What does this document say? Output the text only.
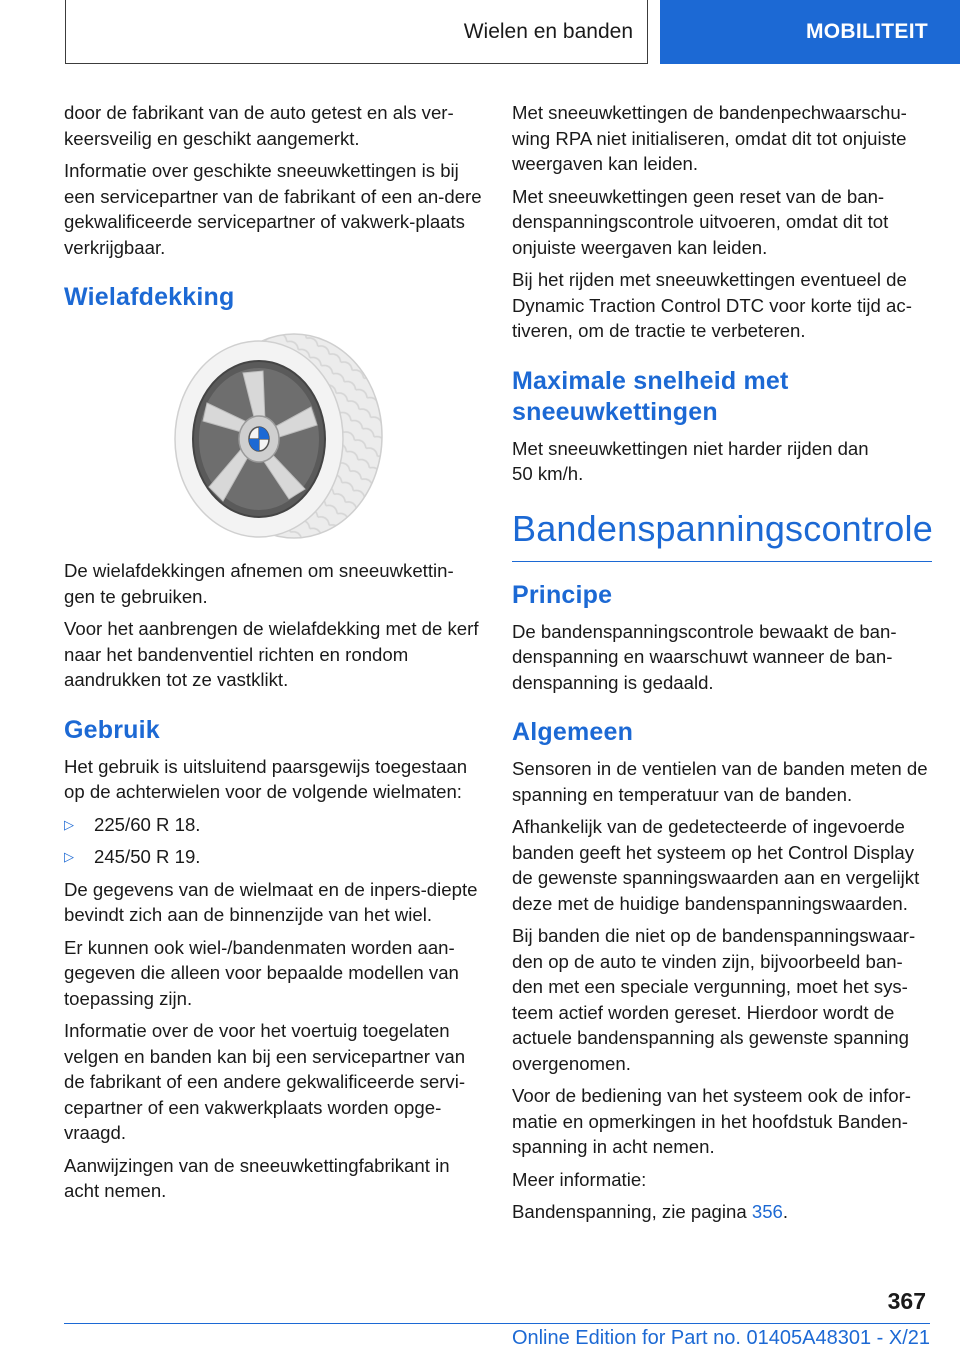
Wielen en banden	MOBILITEIT

door de fabrikant van de auto getest en als ver-keersveilig en geschikt aangemerkt.

Informatie over geschikte sneeuwkettingen is bij een servicepartner van de fabrikant of een an-dere gekwalificeerde servicepartner of vakwerk-plaats verkrijgbaar.

Wielafdekking

De wielafdekkingen afnemen om sneeuwkettin-gen te gebruiken.

Voor het aanbrengen de wielafdekking met de kerf naar het bandenventiel richten en rondom aandrukken tot ze vastklikt.

Gebruik

Het gebruik is uitsluitend paarsgewijs toegestaan op de achterwielen voor de volgende wielmaten:

▷	225/60 R 18.
▷	245/50 R 19.

De gegevens van de wielmaat en de inpers-diepte bevindt zich aan de binnenzijde van het wiel.

Er kunnen ook wiel-/bandenmaten worden aan-gegeven die alleen voor bepaalde modellen van toepassing zijn.

Informatie over de voor het voertuig toegelaten velgen en banden kan bij een servicepartner van de fabrikant of een andere gekwalificeerde servi-cepartner of een vakwerkplaats worden opge-vraagd.

Aanwijzingen van de sneeuwkettingfabrikant in acht nemen.

Met sneeuwkettingen de bandenpechwaarschu-wing RPA niet initialiseren, omdat dit tot onjuiste weergaven kan leiden.

Met sneeuwkettingen geen reset van de ban-denspanningscontrole uitvoeren, omdat dit tot onjuiste weergaven kan leiden.

Bij het rijden met sneeuwkettingen eventueel de Dynamic Traction Control DTC voor korte tijd ac-tiveren, om de tractie te verbeteren.

Maximale snelheid met sneeuwkettingen

Met sneeuwkettingen niet harder rijden dan
50 km/h.

Bandenspanningscontrole
Principe

De bandenspanningscontrole bewaakt de ban-denspanning en waarschuwt wanneer de ban-denspanning is gedaald.

Algemeen

Sensoren in de ventielen van de banden meten de spanning en temperatuur van de banden.

Afhankelijk van de gedetecteerde of ingevoerde banden geeft het systeem op het Control Display de gewenste spanningswaarden aan en vergelijkt deze met de huidige bandenspanningswaarden.

Bij banden die niet op de bandenspanningswaar-den op de auto te vinden zijn, bijvoorbeeld ban-den met een speciale vergunning, moet het sys-teem actief worden gereset. Hierdoor wordt de actuele bandenspanning als gewenste spanning overgenomen.

Voor de bediening van het systeem ook de infor-matie en opmerkingen in het hoofdstuk Banden-spanning in acht nemen.

Meer informatie:

Bandenspanning, zie pagina 356.

367
Online Edition for Part no. 01405A48301 - X/21
